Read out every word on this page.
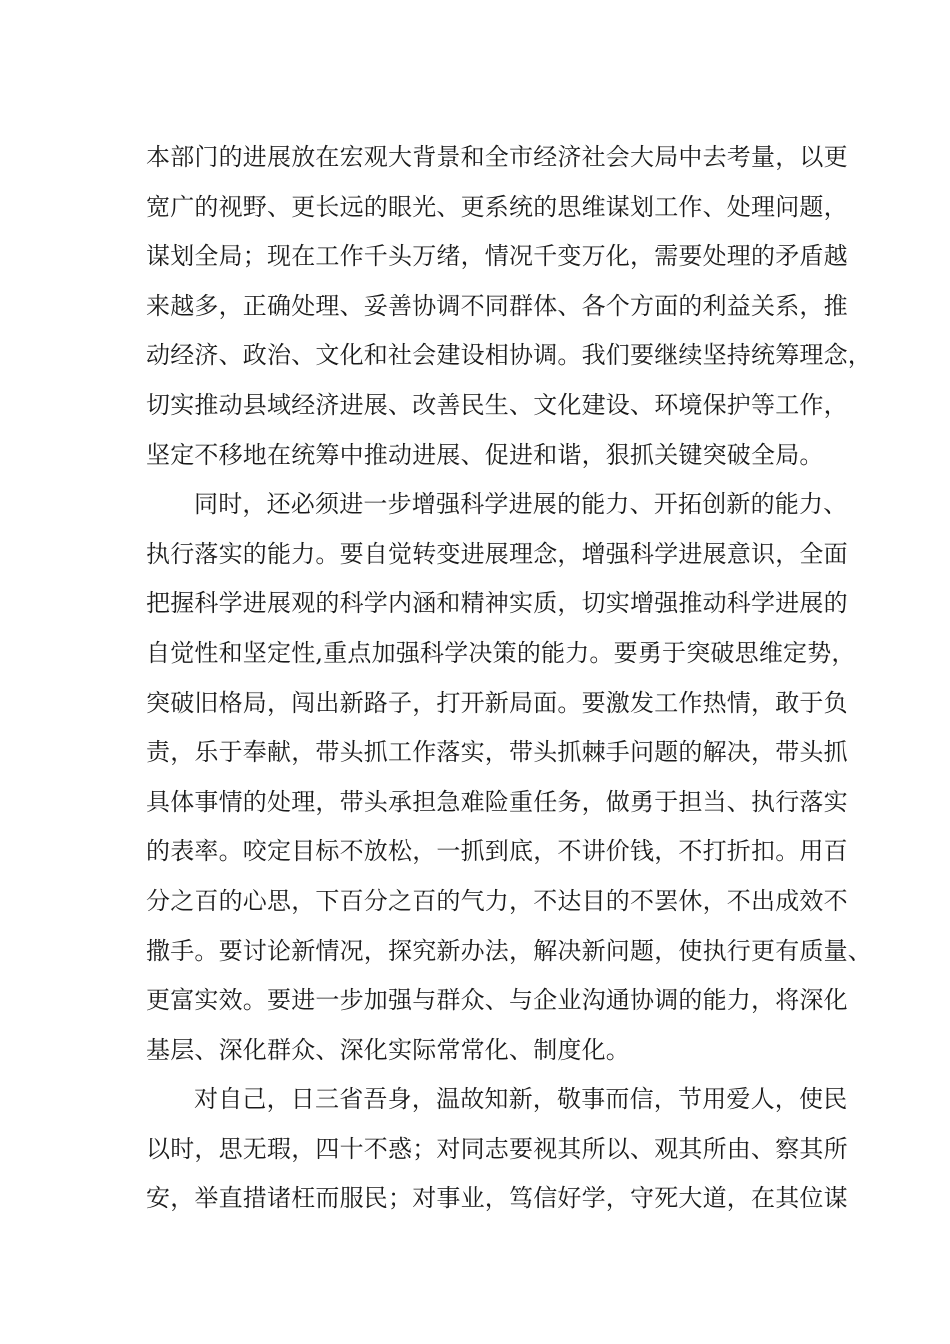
本部门的进展放在宏观大背景和全市经济社会大局中去考量，以更
宽广的视野、更长远的眼光、更系统的思维谋划工作、处理问题，
谋划全局；现在工作千头万绪，情况千变万化，需要处理的矛盾越
来越多，正确处理、妥善协调不同群体、各个方面的利益关系，推
动经济、政治、文化和社会建设相协调。我们要继续坚持统筹理念，
切实推动县域经济进展、改善民生、文化建设、环境保护等工作，
坚定不移地在统筹中推动进展、促进和谐，狠抓关键突破全局。
同时，还必须进一步增强科学进展的能力、开拓创新的能力、
执行落实的能力。要自觉转变进展理念，增强科学进展意识，全面
把握科学进展观的科学内涵和精神实质，切实增强推动科学进展的
自觉性和坚定性,重点加强科学决策的能力。要勇于突破思维定势，
突破旧格局，闯出新路子，打开新局面。要激发工作热情，敢于负
责，乐于奉献，带头抓工作落实，带头抓棘手问题的解决，带头抓
具体事情的处理，带头承担急难险重任务，做勇于担当、执行落实
的表率。咬定目标不放松，一抓到底，不讲价钱，不打折扣。用百
分之百的心思，下百分之百的气力，不达目的不罢休，不出成效不
撒手。要讨论新情况，探究新办法，解决新问题，使执行更有质量、
更富实效。要进一步加强与群众、与企业沟通协调的能力，将深化
基层、深化群众、深化实际常常化、制度化。
对自己，日三省吾身，温故知新，敬事而信，节用爱人，使民
以时，思无瑕，四十不惑；对同志要视其所以、观其所由、察其所
安，举直措诸枉而服民；对事业，笃信好学，守死大道，在其位谋
